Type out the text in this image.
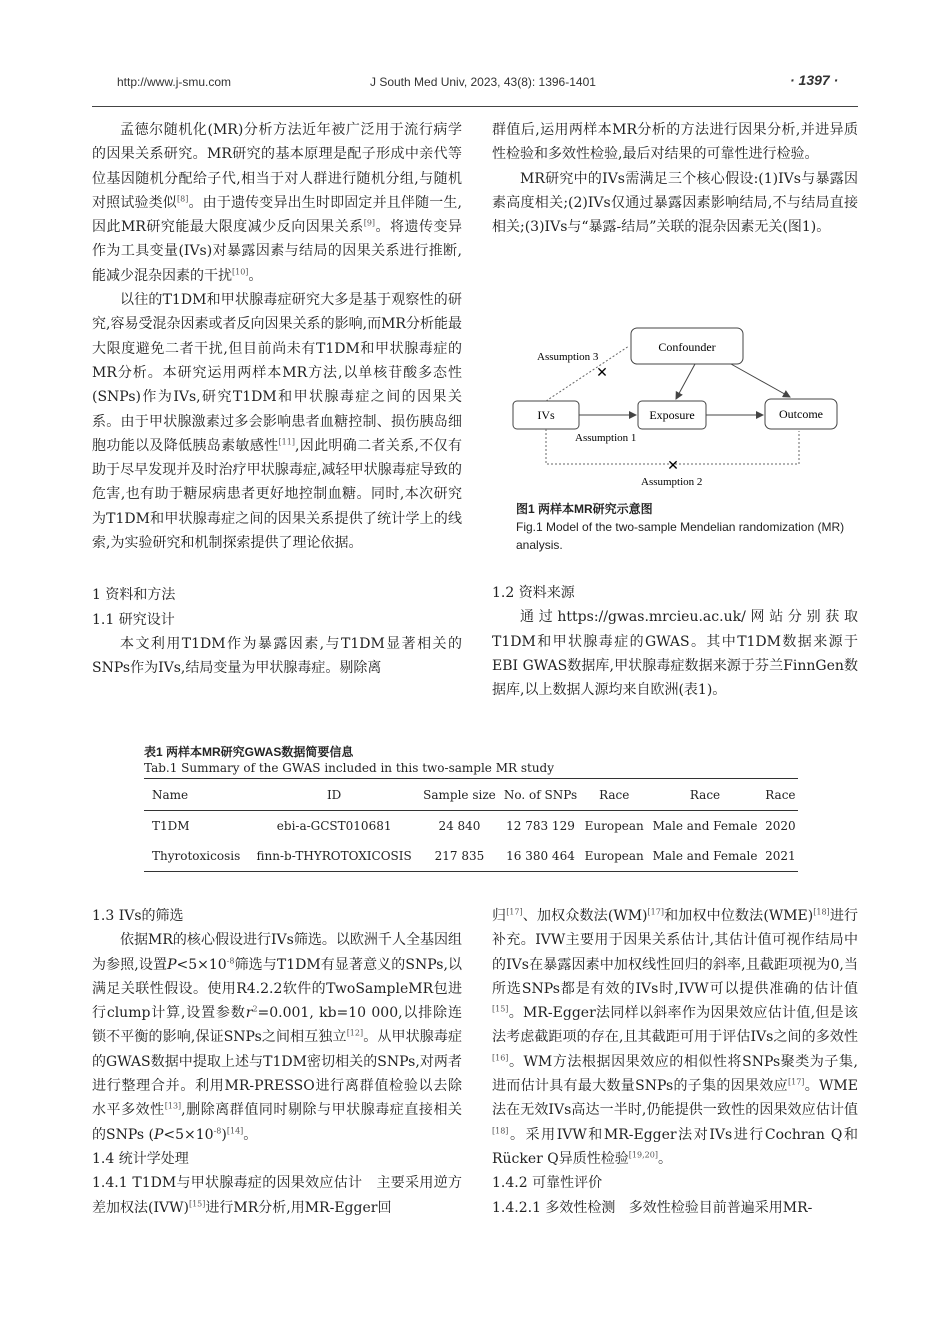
http://www.j-smu.com	J South Med Univ, 2023, 43(8): 1396-1401	· 1397 ·

孟德尔随机化(MR)分析方法近年被广泛用于流行病学的因果关系研究。MR研究的基本原理是配子形成中亲代等位基因随机分配给子代,相当于对人群进行随机分组,与随机对照试验类似[8]。由于遗传变异出生时即固定并且伴随一生,因此MR研究能最大限度减少反向因果关系[9]。将遗传变异作为工具变量(IVs)对暴露因素与结局的因果关系进行推断,能减少混杂因素的干扰[10]。

以往的T1DM和甲状腺毒症研究大多是基于观察性的研究,容易受混杂因素或者反向因果关系的影响,而MR分析能最大限度避免二者干扰,但目前尚未有T1DM和甲状腺毒症的MR分析。本研究运用两样本MR方法,以单核苷酸多态性(SNPs)作为IVs,研究T1DM和甲状腺毒症之间的因果关系。由于甲状腺激素过多会影响患者血糖控制、损伤胰岛细胞功能以及降低胰岛素敏感性[11],因此明确二者关系,不仅有助于尽早发现并及时治疗甲状腺毒症,减轻甲状腺毒症导致的危害,也有助于糖尿病患者更好地控制血糖。同时,本次研究为T1DM和甲状腺毒症之间的因果关系提供了统计学上的线索,为实验研究和机制探索提供了理论依据。

1 资料和方法
1.1 研究设计

本文利用T1DM作为暴露因素,与T1DM显著相关的SNPs作为IVs,结局变量为甲状腺毒症。剔除离

群值后,运用两样本MR分析的方法进行因果分析,并进异质性检验和多效性检验,最后对结果的可靠性进行检验。

MR研究中的IVs需满足三个核心假设:(1)IVs与暴露因素高度相关;(2)IVs仅通过暴露因素影响结局,不与结局直接相关;(3)IVs与“暴露-结局”关联的混杂因素无关(图1)。

Confounder
IVs	Exposure	Outcome
Assumption 3
✕
Assumption 1
✕
Assumption 2
图1 两样本MR研究示意图
Fig.1 Model of the two-sample Mendelian randomization (MR) analysis.
1.2 资料来源

通过https://gwas.mrcieu.ac.uk/网站分别获取T1DM和甲状腺毒症的GWAS。其中T1DM数据来源于EBI GWAS数据库,甲状腺毒症数据来源于芬兰FinnGen数据库,以上数据人源均来自欧洲(表1)。

表1 两样本MR研究GWAS数据简要信息
Tab.1 Summary of the GWAS included in this two-sample MR study
Name	ID	Sample size	No. of SNPs	Race	Race	Race
T1DM	ebi-a-GCST010681	24 840	12 783 129	European	Male and Female	2020
Thyrotoxicosis	finn-b-THYROTOXICOSIS	217 835	16 380 464	European	Male and Female	2021
1.3 IVs的筛选

依据MR的核心假设进行IVs筛选。以欧洲千人全基因组为参照,设置$P<5\times 10^{-8}$筛选与T1DM有显著意义的SNPs,以满足关联性假设。使用R4.2.2软件的TwoSampleMR包进行clump计算,设置参数$r^2=0.001$, kb=10 000,以排除连锁不平衡的影响,保证SNPs之间相互独立[12]。从甲状腺毒症的GWAS数据中提取上述与T1DM密切相关的SNPs,对两者进行整理合并。利用MR-PRESSO进行离群值检验以去除水平多效性[13],删除离群值同时剔除与甲状腺毒症直接相关的SNPs $(P<5\times 10^{-8})[14]$。

1.4 统计学处理
1.4.1 T1DM与甲状腺毒症的因果效应估计 主要采用逆方差加权法(IVW)[15]进行MR分析,用MR-Egger回

归[17]、加权众数法(WM)[17]和加权中位数法(WME)[18]进行补充。IVW主要用于因果关系估计,其估计值可视作结局中的IVs在暴露因素中加权线性回归的斜率,且截距项视为0,当所选SNPs都是有效的IVs时,IVW可以提供准确的估计值[15]。MR-Egger法同样以斜率作为因果效应估计值,但是该法考虑截距项的存在,且其截距可用于评估IVs之间的多效性[16]。WM方法根据因果效应的相似性将SNPs聚类为子集,进而估计具有最大数量SNPs的子集的因果效应[17]。WME法在无效IVs高达一半时,仍能提供一致性的因果效应估计值[18]。采用IVW和MR-Egger法对IVs进行Cochran Q和Rücker Q异质性检验[19,20]。

1.4.2 可靠性评价
1.4.2.1 多效性检测 多效性检验目前普遍采用MR-
